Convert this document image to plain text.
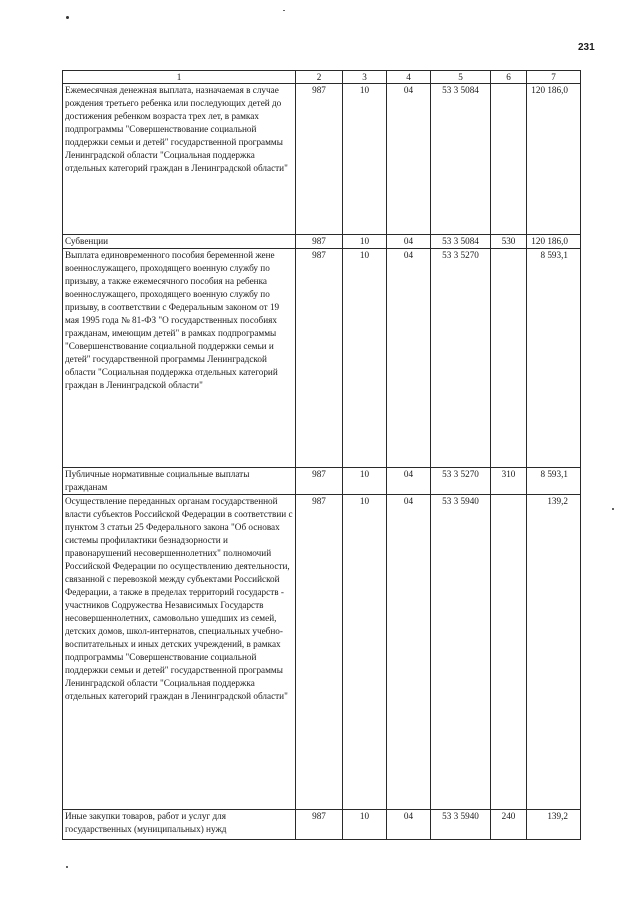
231
1	2	3	4	5	6	7
Ежемесячная денежная выплата, назначаемая в случае рождения третьего ребенка или последующих детей до достижения ребенком возраста трех лет, в рамках подпрограммы "Совершенствование социальной поддержки семьи и детей" государственной программы Ленинградской области "Социальная поддержка отдельных категорий граждан в Ленинградской области"	987	10	04	53 3 5084		120 186,0
Субвенции	987	10	04	53 3 5084	530	120 186,0
Выплата единовременного пособия беременной жене военнослужащего, проходящего военную службу по призыву, а также ежемесячного пособия на ребенка военнослужащего, проходящего военную службу по призыву, в соответствии с Федеральным законом от 19 мая 1995 года № 81-ФЗ "О государственных пособиях гражданам, имеющим детей" в рамках подпрограммы "Совершенствование социальной поддержки семьи и детей" государственной программы Ленинградской области "Социальная поддержка отдельных категорий граждан в Ленинградской области"	987	10	04	53 3 5270		8 593,1
Публичные нормативные социальные выплаты гражданам	987	10	04	53 3 5270	310	8 593,1
Осуществление переданных органам государственной власти субъектов Российской Федерации в соответствии с пунктом 3 статьи 25 Федерального закона "Об основах системы профилактики безнадзорности и правонарушений несовершеннолетних" полномочий Российской Федерации по осуществлению деятельности, связанной с перевозкой между субъектами Российской Федерации, а также в пределах территорий государств - участников Содружества Независимых Государств несовершеннолетних, самовольно ушедших из семей, детских домов, школ-интернатов, специальных учебно-воспитательных и иных детских учреждений, в рамках подпрограммы "Совершенствование социальной поддержки семьи и детей" государственной программы Ленинградской области "Социальная поддержка отдельных категорий граждан в Ленинградской области"	987	10	04	53 3 5940		139,2
Иные закупки товаров, работ и услуг для государственных (муниципальных) нужд	987	10	04	53 3 5940	240	139,2
